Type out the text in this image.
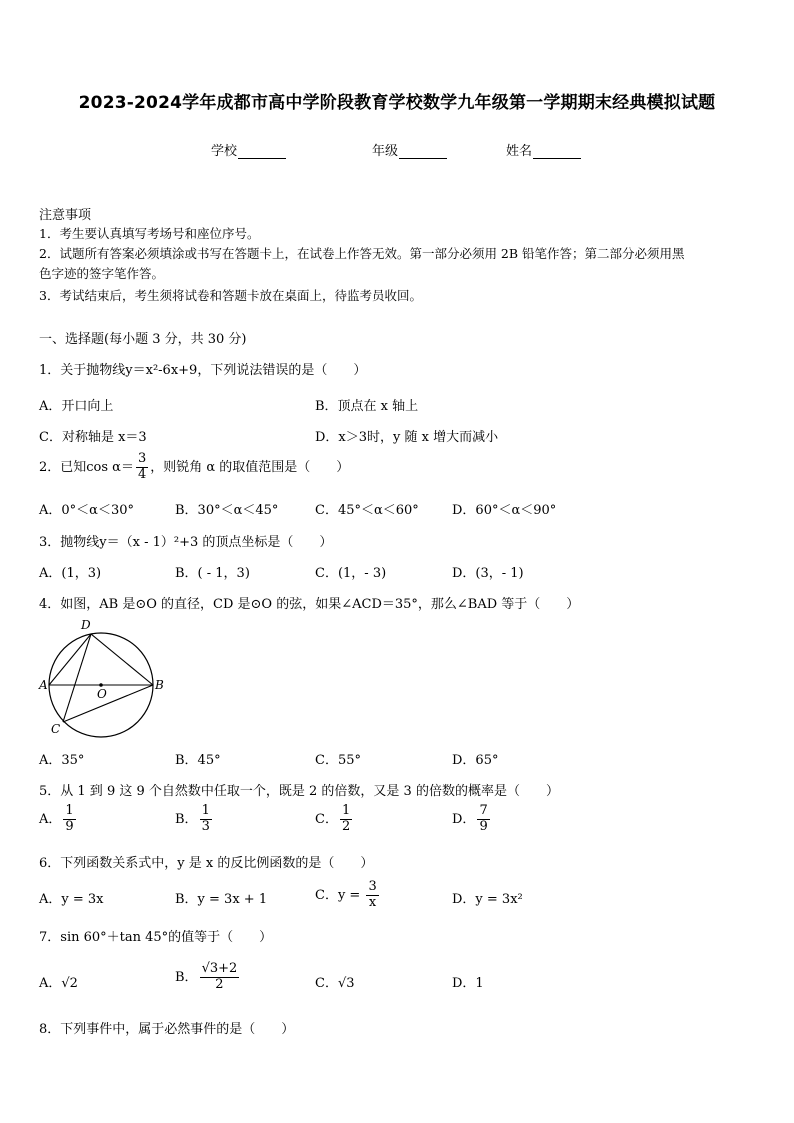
2023-2024学年成都市高中学阶段教育学校数学九年级第一学期期末经典模拟试题
学校	年级	姓名
注意事项
1．考生要认真填写考场号和座位序号。
2．试题所有答案必须填涂或书写在答题卡上，在试卷上作答无效。第一部分必须用 2B 铅笔作答；第二部分必须用黑
色字迹的签字笔作答。
3．考试结束后，考生须将试卷和答题卡放在桌面上，待监考员收回。
一、选择题(每小题 3 分，共 30 分)
1．关于抛物线y＝x²-6x+9，下列说法错误的是（　　）
A．开口向上	B．顶点在 x 轴上
C．对称轴是 x＝3	D．x＞3时，y 随 x 增大而减小
2．已知$\cos \alpha= \frac{3}{4}$ ，则锐角 α 的取值范围是（　　）
A．0°＜α＜30°	B．30°＜α＜45°	C．45°＜α＜60°	D．60°＜α＜90°
3．抛物线y＝（x - 1）²+3 的顶点坐标是（　　）
A．(1，3)	B．( - 1，3)	C．(1，- 3)	D．(3，- 1)
4．如图，AB 是⊙O 的直径，CD 是⊙O 的弦，如果∠ACD＝35°，那么∠BAD 等于（　　）
A	B
C
D
O
A．35°	B．45°	C．55°	D．65°
5．从 1 到 9 这 9 个自然数中任取一个，既是 2 的倍数，又是 3 的倍数的概率是（　　）
A． $\frac{1}{9}$	B． $\frac{1}{3}$	C． $\frac{1}{2}$	D． $\frac{7}{9}$
6．下列函数关系式中，y 是 x 的反比例函数的是（　　）
A．y = 3x	B．y = 3x + 1	C．$y = \frac{3}{x}$	D．y = 3x²
7．sin 60°＋tan 45°的值等于（　　）
A．√2	B． $\frac{√3+2}{2}$	C．√3	D．1
8．下列事件中，属于必然事件的是（　　）
